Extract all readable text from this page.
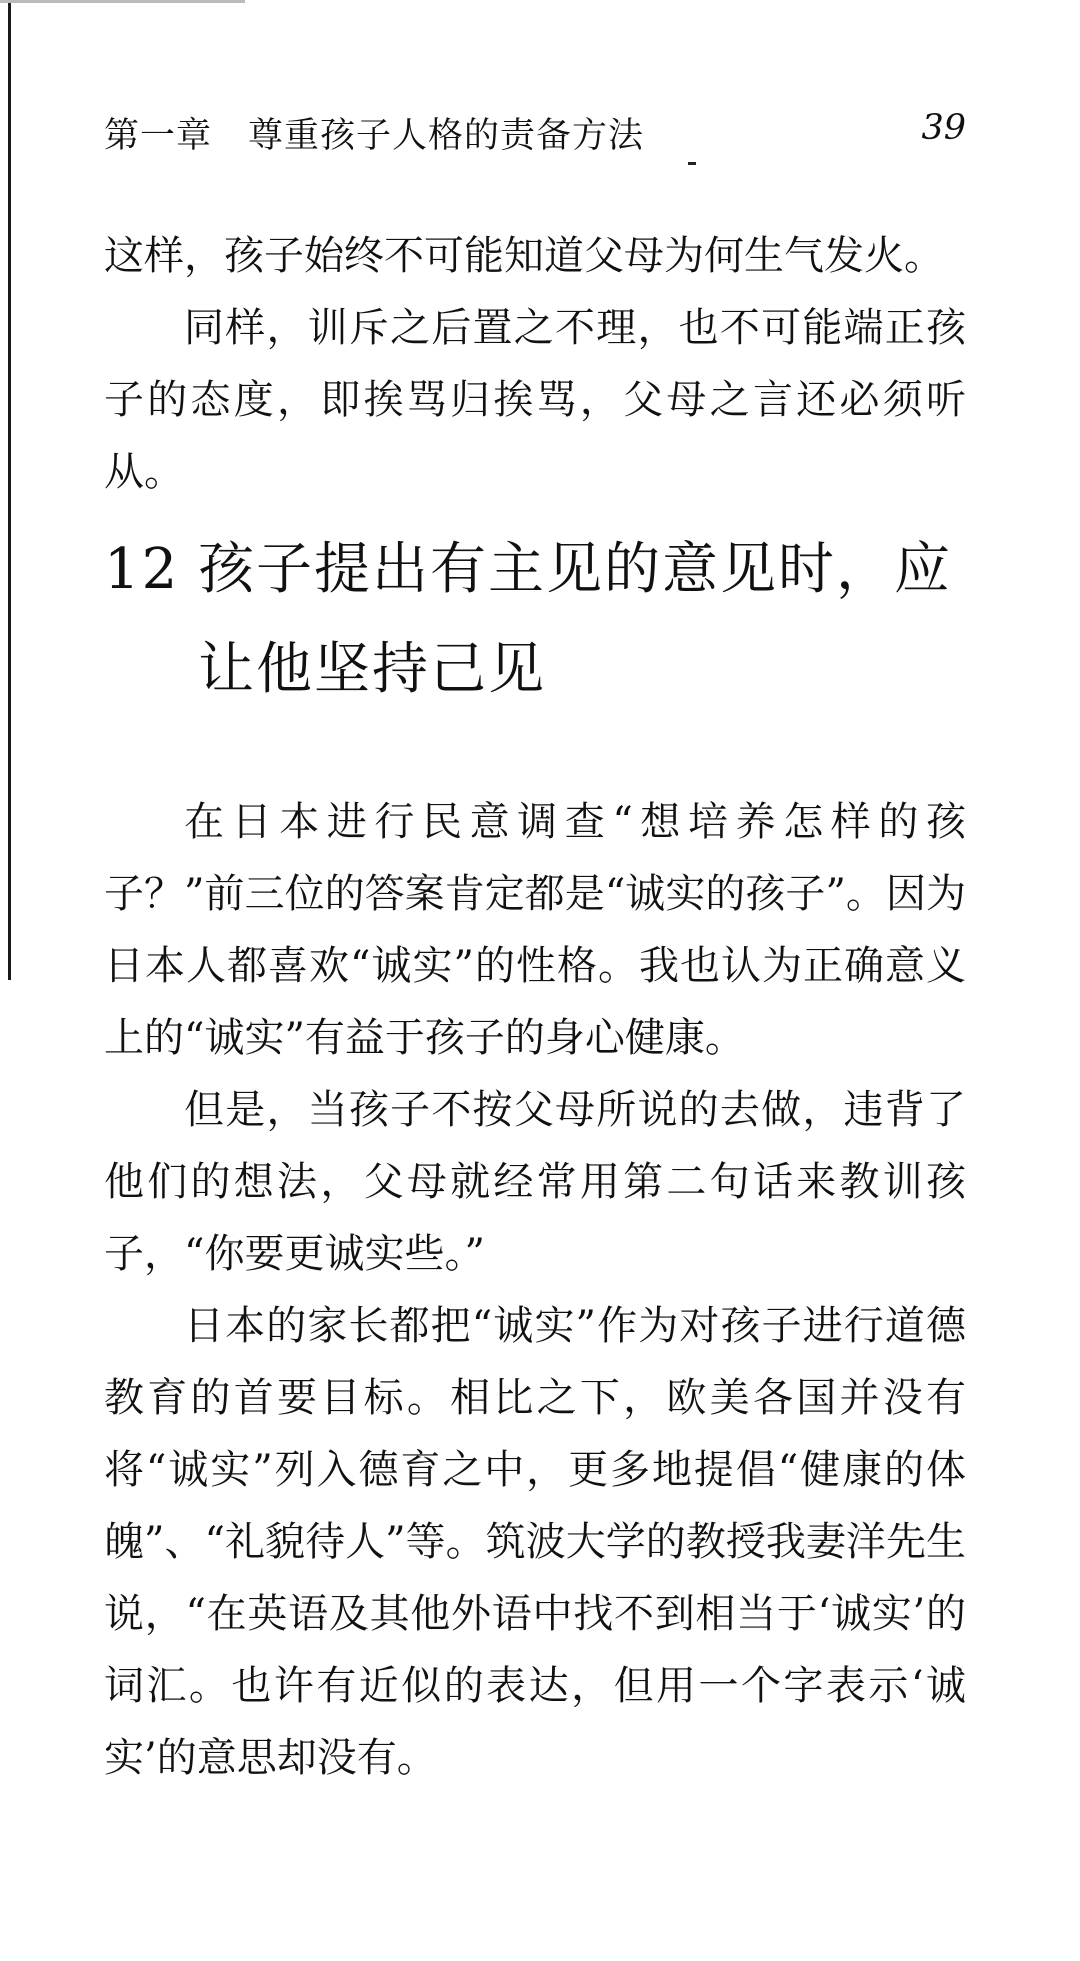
第一章　尊重孩子人格的责备方法	39

这样，孩子始终不可能知道父母为何生气发火。

同样，训斥之后置之不理，也不可能端正孩子的态度，即挨骂归挨骂，父母之言还必须听从。

12 孩子提出有主见的意见时，应让他坚持己见

在日本进行民意调查“想培养怎样的孩子？”前三位的答案肯定都是“诚实的孩子”。因为日本人都喜欢“诚实”的性格。我也认为正确意义上的“诚实”有益于孩子的身心健康。

但是，当孩子不按父母所说的去做，违背了他们的想法，父母就经常用第二句话来教训孩子，“你要更诚实些。”

日本的家长都把“诚实”作为对孩子进行道德教育的首要目标。相比之下，欧美各国并没有将“诚实”列入德育之中，更多地提倡“健康的体魄”、“礼貌待人”等。筑波大学的教授我妻洋先生说，“在英语及其他外语中找不到相当于‘诚实’的词汇。也许有近似的表达，但用一个字表示‘诚实’的意思却没有。
